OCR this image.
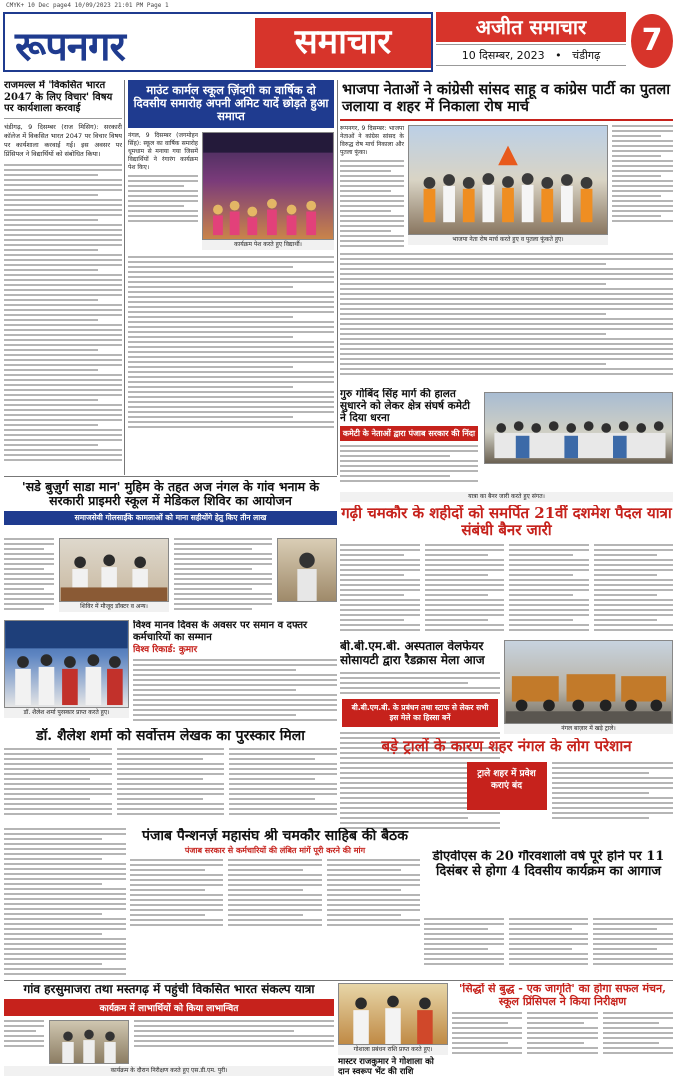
CMYK+ 10 Dec page4 10/09/2023 21:01 PM Page 1
रूपनगर	समाचार	अजीत समाचार
10 दिसम्बर, 2023   •   चंडीगढ़	7
राजमल्ल में 'विकसित भारत 2047 के लिए विचार' विषय पर कार्यशाला करवाई
चंडीगढ़, 9 दिसम्बर (राज मिसिग): सरकारी कॉलेज में विकसित भारत 2047 पर विचार विषय पर कार्यशाला करवाई गई। इस अवसर पर प्रिंसिपल ने विद्यार्थियों को संबोधित किया।
माउंट कार्मल स्कूल ज़िंदगी का वार्षिक दो दिवसीय समारोह अपनी अमिट यादें छोड़ते हुआ समाप्त
नंगल, 9 दिसम्बर (जगमोहन सिंह): स्कूल का वार्षिक समारोह धूमधाम से मनाया गया जिसमें विद्यार्थियों ने रंगारंग कार्यक्रम पेश किए।
कार्यक्रम पेश करते हुए विद्यार्थी।
भाजपा नेताओं ने कांग्रेसी सांसद साहू व कांग्रेस पार्टी का पुतला जलाया व शहर में निकाला रोष मार्च
रूपनगर, 9 दिसम्बर: भाजपा नेताओं ने कांग्रेस सांसद के विरुद्ध रोष मार्च निकाला और पुतला फूंका।
भाजपा नेता रोष मार्च करते हुए व पुतला फूंकते हुए।
गुरु गोबिंद सिंह मार्ग की हालत सुधारने को लेकर क्षेत्र संघर्ष कमेटी ने दिया धरना
कमेटी के नेताओं द्वारा पंजाब सरकार की निंदा
यात्रा का बैनर जारी करते हुए संगत।
गढ़ी चमकौर के शहीदों को समर्पित 21वीं दशमेश पैदल यात्रा संबंधी बैनर जारी
'सडे बुज़ुर्ग साडा मान' मुहिम के तहत अज नंगल के गांव भनाम के सरकारी प्राइमरी स्कूल में मेडिकल शिविर का आयोजन
समाजसेवी गोलसाईंके कामलाओं को माना सहीयोंगे हेतु किए तीन लाख
शिविर में मौजूद डॉक्टर व अन्य।
डॉ. शैलेश शर्मा पुरस्कार प्राप्त करते हुए।
विश्व मानव दिवस के अवसर पर समान व दफ्तर कर्मचारियों का सम्मान
विश्व रिकार्ड: कुमार
डॉ. शैलेश शर्मा को सर्वोत्तम लेखक का पुरस्कार मिला
बी.बी.एम.बी. अस्पताल वेलफेयर सोसायटी द्वारा रैडक्रास मेला आज
बी.बी.एम.बी. के प्रबंधन तथा स्टाफ से लेकर सभी इस मेले का हिस्सा बनें
नंगल बाज़ार में खड़े ट्राले।
बड़े ट्रालों के कारण शहर नंगल के लोग परेशान
ट्राले शहर में प्रवेश कराएं बंद
पंजाब पैन्शनर्ज़ महासंघ श्री चमकौर साहिब की बैठक
पंजाब सरकार से कर्मचारियों की लंबित मांगें पूरी करने की मांग	डीएवीएस के 20 गौरवशाली वर्ष पूरे होने पर 11 दिसंबर से होगा 4 दिवसीय कार्यक्रम का आगाज
गांव हरसुमाजरा तथा मस्तगढ़ में पहुंची विकसित भारत संकल्प यात्रा
कार्यक्रम में लाभार्थियों को किया लाभान्वित
कार्यक्रम के दौरान निरीक्षण करते हुए एस.डी.एम. पुरी।
गोशाला प्रबंधन राशि प्राप्त करते हुए।
मास्टर राजकुमार ने गोशाला को दान स्वरूप भेंट की राशि
'सिद्धों से बुद्ध - एक जागृति' का होगा सफल मंचन, स्कूल प्रिंसिपल ने किया निरीक्षण
